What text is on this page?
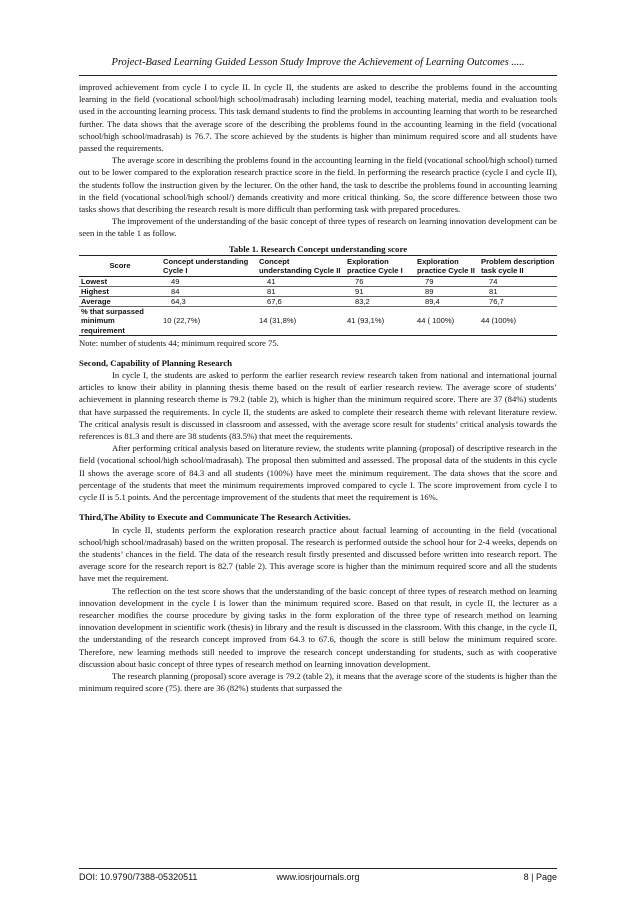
Project-Based Learning Guided Lesson Study Improve the Achievement of Learning Outcomes .....

improved achievement from cycle I to cycle II. In cycle II, the students are asked to describe the problems found in the accounting learning in the field (vocational school/high school/madrasah) including learning model, teaching material, media and evaluation tools used in the accounting learning process. This task demand students to find the problems in accounting learning that worth to be researched further. The data shows that the average score of the describing the problems found in the accounting learning in the field (vocational school/high school/madrasah) is 76.7. The score achieved by the students is higher than minimum required score and all students have passed the requirements.

The average score in describing the problems found in the accounting learning in the field (vocational school/high school) turned out to be lower compared to the exploration research practice score in the field. In performing the research practice (cycle I and cycle II), the students follow the instruction given by the lecturer. On the other hand, the task to describe the problems found in accounting learning in the field (vocational school/high school/) demands creativity and more critical thinking. So, the score difference between those two tasks shows that describing the research result is more difficult than performing task with prepared procedures.

The improvement of the understanding of the basic concept of three types of research on learning innovation development can be seen in the table 1 as follow.

Table 1. Research Concept understanding score
Score	Concept understanding Cycle I	Concept understanding Cycle II	Exploration practice Cycle I	Exploration practice Cycle II	Problem description task cycle II
Lowest	49	41	76	79	74
Highest	84	81	91	89	81
Average	64,3	67,6	83,2	89,4	76,7
% that surpassed minimum requirement	10 (22,7%)	14 (31,8%)	41 (93,1%)	44 ( 100%)	44 (100%)
Note: number of students 44; minimum required score 75.
Second, Capability of Planning Research

In cycle I, the students are asked to perform the earlier research review research taken from national and international journal articles to know their ability in planning thesis theme based on the result of earlier research review. The average score of students’ achievement in planning research theme is 79.2 (table 2), which is higher than the minimum required score. There are 37 (84%) students that have surpassed the requirements. In cycle II, the students are asked to complete their research theme with relevant literature review. The critical analysis result is discussed in classroom and assessed, with the average score result for students’ critical analysis towards the references is 81.3 and there are 38 students (83.5%) that meet the requirements.

After performing critical analysis based on literature review, the students write planning (proposal) of descriptive research in the field (vocational school/high school/madrasah). The proposal then submitted and assessed. The proposal data of the students in this cycle II shows the average score of 84.3 and all students (100%) have meet the minimum requirement. The data shows that the score and percentage of the students that meet the minimum requirements improved compared to cycle I. The score improvement from cycle I to cycle II is 5.1 points. And the percentage improvement of the students that meet the requirement is 16%.

Third,The Ability to Execute and Communicate The Research Activities.

In cycle II, students perform the exploration research practice about factual learning of accounting in the field (vocational school/high school/madrasah) based on the written proposal. The research is performed outside the school hour for 2-4 weeks, depends on the students’ chances in the field. The data of the research result firstly presented and discussed before written into research report. The average score for the research report is 82.7 (table 2). This average score is higher than the minimum required score and all the students have met the requirement.

The reflection on the test score shows that the understanding of the basic concept of three types of research method on learning innovation development in the cycle I is lower than the minimum required score. Based on that result, in cycle II, the lecturer as a researcher modifies the course procedure by giving tasks in the form exploration of the three type of research method on learning innovation development in scientific work (thesis) in library and the result is discussed in the classroom. With this change, in the cycle II, the understanding of the research concept improved from 64.3 to 67.6, though the score is still below the minimum required score. Therefore, new learning methods still needed to improve the research concept understanding for students, such as with cooperative discussion about basic concept of three types of research method on learning innovation development.

The research planning (proposal) score average is 79.2 (table 2), it means that the average score of the students is higher than the minimum required score (75). there are 36 (82%) students that surpassed the

DOI: 10.9790/7388-05320511	www.iosrjournals.org	8 | Page
